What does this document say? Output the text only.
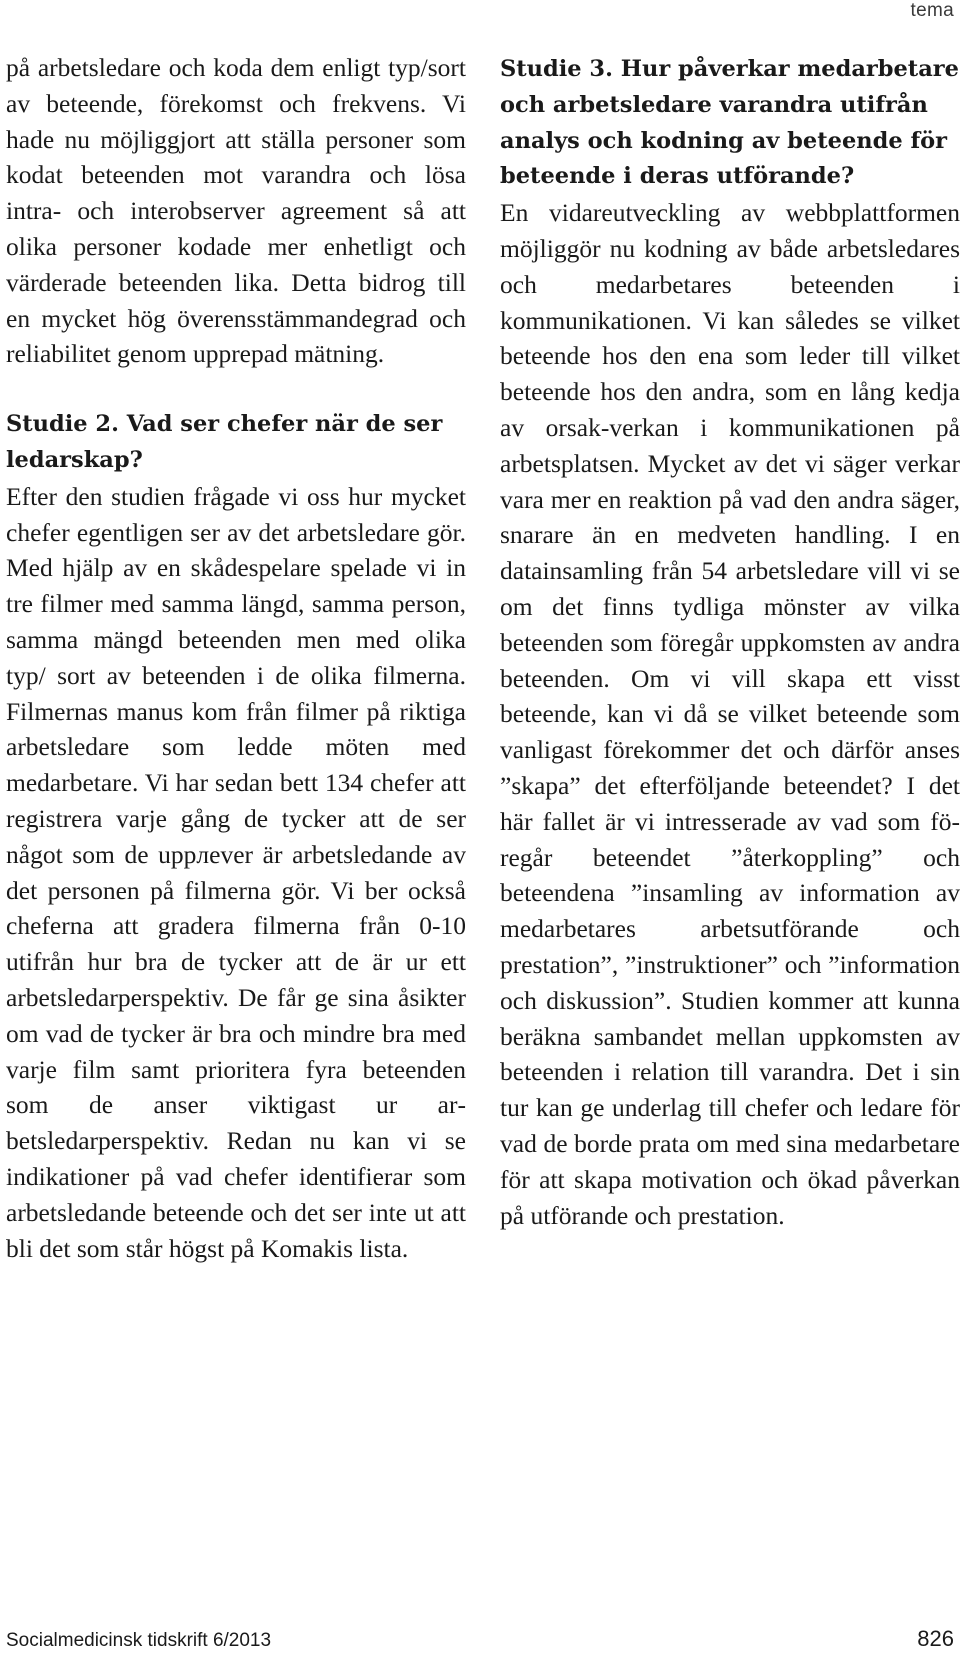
tema

på arbetsledare och koda dem enligt typ/sort av beteende, förekomst och frekvens. Vi hade nu möjliggjort att ställa personer som kodat beteenden mot varandra och lösa intra- och interobserver agreement så att olika personer kodade mer enhetligt och värderade beteenden lika. Detta bidrog till en mycket hög överensstämmandegrad och reliabilitet genom upprepad mätning.

Studie 2. Vad ser chefer när de ser ledarskap?

Efter den studien frågade vi oss hur mycket chefer egentligen ser av det arbetsledare gör. Med hjälp av en skådespelare spelade vi in tre filmer med samma längd, samma person, samma mängd beteenden men med olika typ/ sort av beteenden i de olika filmerna. Filmernas manus kom från filmer på riktiga arbetsledare som ledde möten med medarbetare. Vi har sedan bett 134 chefer att registrera varje gång de tycker att de ser något som de uppлеver är arbetsledande av det personen på filmerna gör. Vi ber också cheferna att gradera filmerna från 0-10 utifrån hur bra de tycker att de är ur ett arbetsledarperspektiv. De får ge sina åsikter om vad de tycker är bra och mindre bra med varje film samt prioritera fyra beteenden som de anser viktigast ur arbetsledarperspektiv. Redan nu kan vi se indikationer på vad chefer identifierar som arbetsledande beteende och det ser inte ut att bli det som står högst på Komakis lista.

Studie 3. Hur påverkar medarbetare och arbetsledare varandra utifrån analys och kodning av beteende för beteende i deras utförande?

En vidareutveckling av webbplattformen möjliggör nu kodning av både arbetsledares och medarbetares beteenden i kommunikationen. Vi kan således se vilket beteende hos den ena som leder till vilket beteende hos den andra, som en lång kedja av orsak-verkan i kommunikationen på arbetsplatsen. Mycket av det vi säger verkar vara mer en reaktion på vad den andra säger, snarare än en medveten handling. I en datainsamling från 54 arbetsledare vill vi se om det finns tydliga mönster av vilka beteenden som föregår uppkomsten av andra beteenden. Om vi vill skapa ett visst beteende, kan vi då se vilket beteende som vanligast förekommer det och därför anses ”skapa” det efterföljande beteendet? I det här fallet är vi intresserade av vad som föregår beteendet ”återkoppling” och beteendena ”insamling av information av medarbetares arbetsutförande och prestation”, ”instruktioner” och ”information och diskussion”. Studien kommer att kunna beräkna sambandet mellan uppkomsten av beteenden i relation till varandra. Det i sin tur kan ge underlag till chefer och ledare för vad de borde prata om med sina medarbetare för att skapa motivation och ökad påverkan på utförande och prestation.

Socialmedicinsk tidskrift 6/2013	826
